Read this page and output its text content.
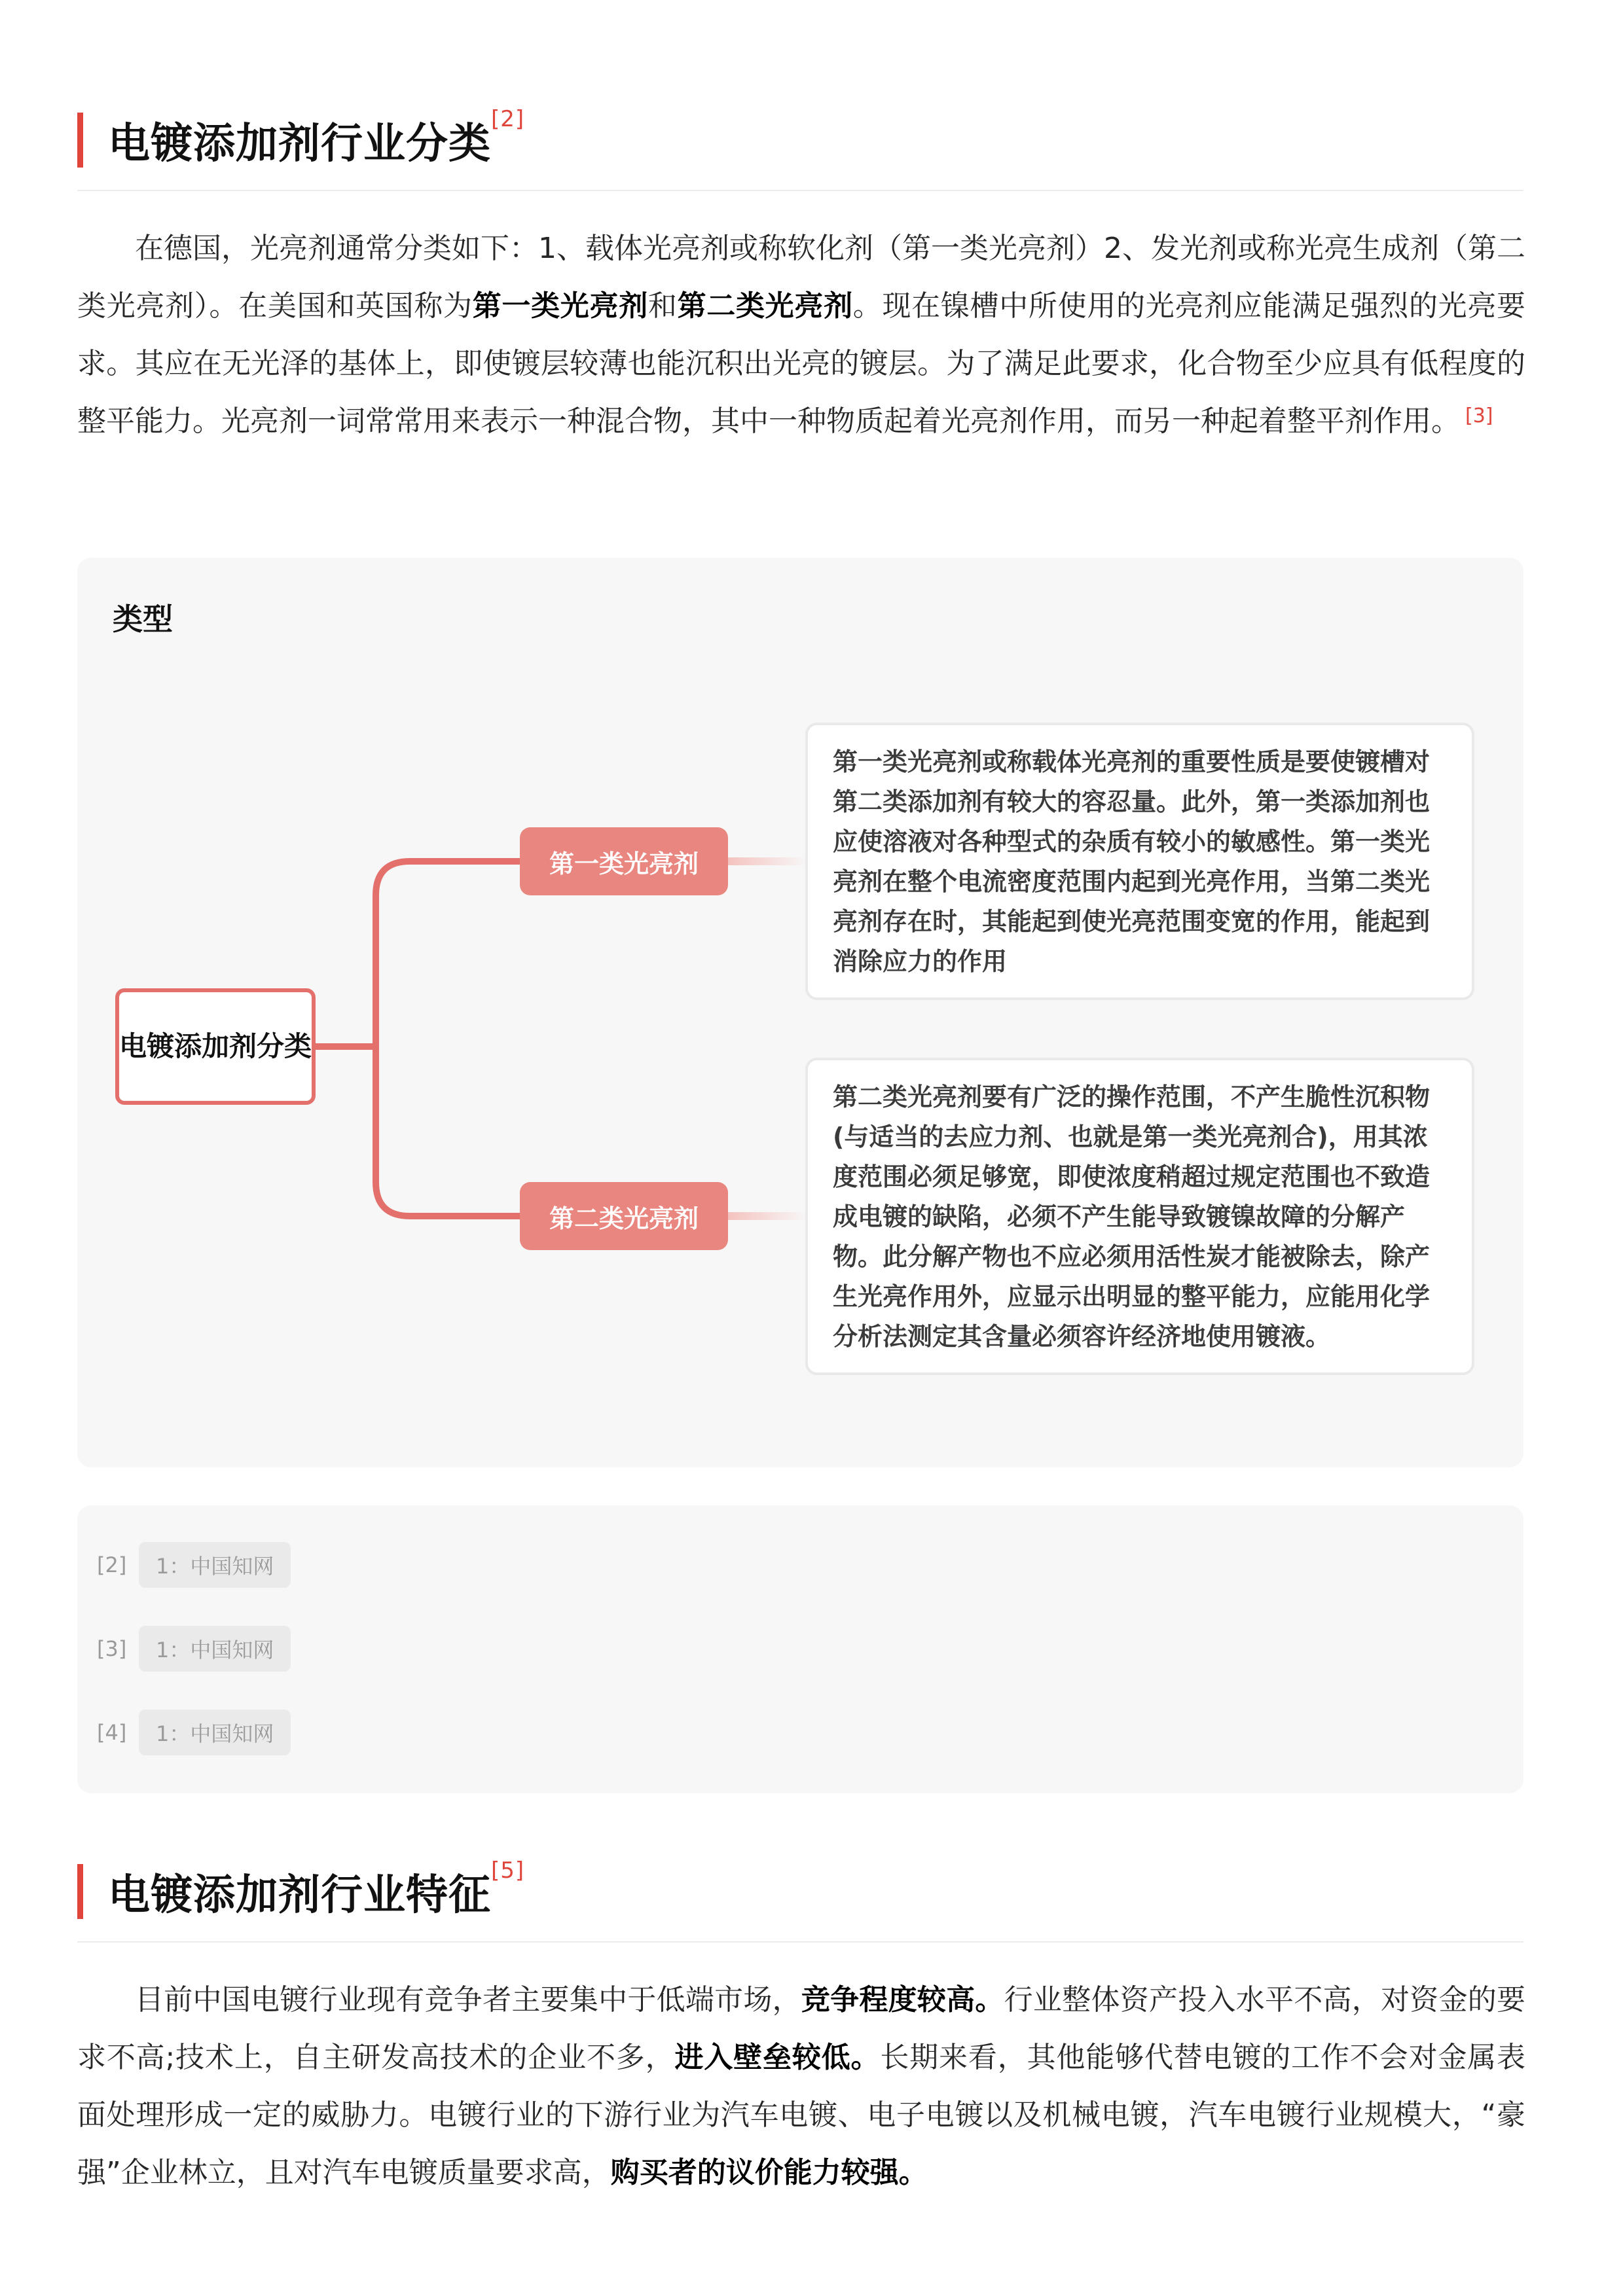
电镀添加剂行业分类[2]
在德国，光亮剂通常分类如下：1、载体光亮剂或称软化剂（第一类光亮剂）2、发光剂或称光亮生成剂（第二类光亮剂）。在美国和英国称为第一类光亮剂和第二类光亮剂。现在镍槽中所使用的光亮剂应能满足强烈的光亮要求。其应在无光泽的基体上，即使镀层较薄也能沉积出光亮的镀层。为了满足此要求，化合物至少应具有低程度的整平能力。光亮剂一词常常用来表示一种混合物，其中一种物质起着光亮剂作用，而另一种起着整平剂作用。 [3]
类型
电镀添加剂分类
第一类光亮剂
第二类光亮剂
第一类光亮剂或称载体光亮剂的重要性质是要使镀槽对第二类添加剂有较大的容忍量。此外，第一类添加剂也应使溶液对各种型式的杂质有较小的敏感性。第一类光亮剂在整个电流密度范围内起到光亮作用，当第二类光亮剂存在时，其能起到使光亮范围变宽的作用，能起到消除应力的作用
第二类光亮剂要有广泛的操作范围，不产生脆性沉积物(与适当的去应力剂、也就是第一类光亮剂合)，用其浓度范围必须足够宽，即使浓度稍超过规定范围也不致造成电镀的缺陷，必须不产生能导致镀镍故障的分解产物。此分解产物也不应必须用活性炭才能被除去，除产生光亮作用外，应显示出明显的整平能力，应能用化学分析法测定其含量必须容许经济地使用镀液。
[2]	1：中国知网
[3]	1：中国知网
[4]	1：中国知网
电镀添加剂行业特征[5]
目前中国电镀行业现有竞争者主要集中于低端市场，竞争程度较高。行业整体资产投入水平不高，对资金的要求不高;技术上，自主研发高技术的企业不多，进入壁垒较低。长期来看，其他能够代替电镀的工作不会对金属表面处理形成一定的威胁力。电镀行业的下游行业为汽车电镀、电子电镀以及机械电镀，汽车电镀行业规模大，“豪强”企业林立，且对汽车电镀质量要求高，购买者的议价能力较强。
